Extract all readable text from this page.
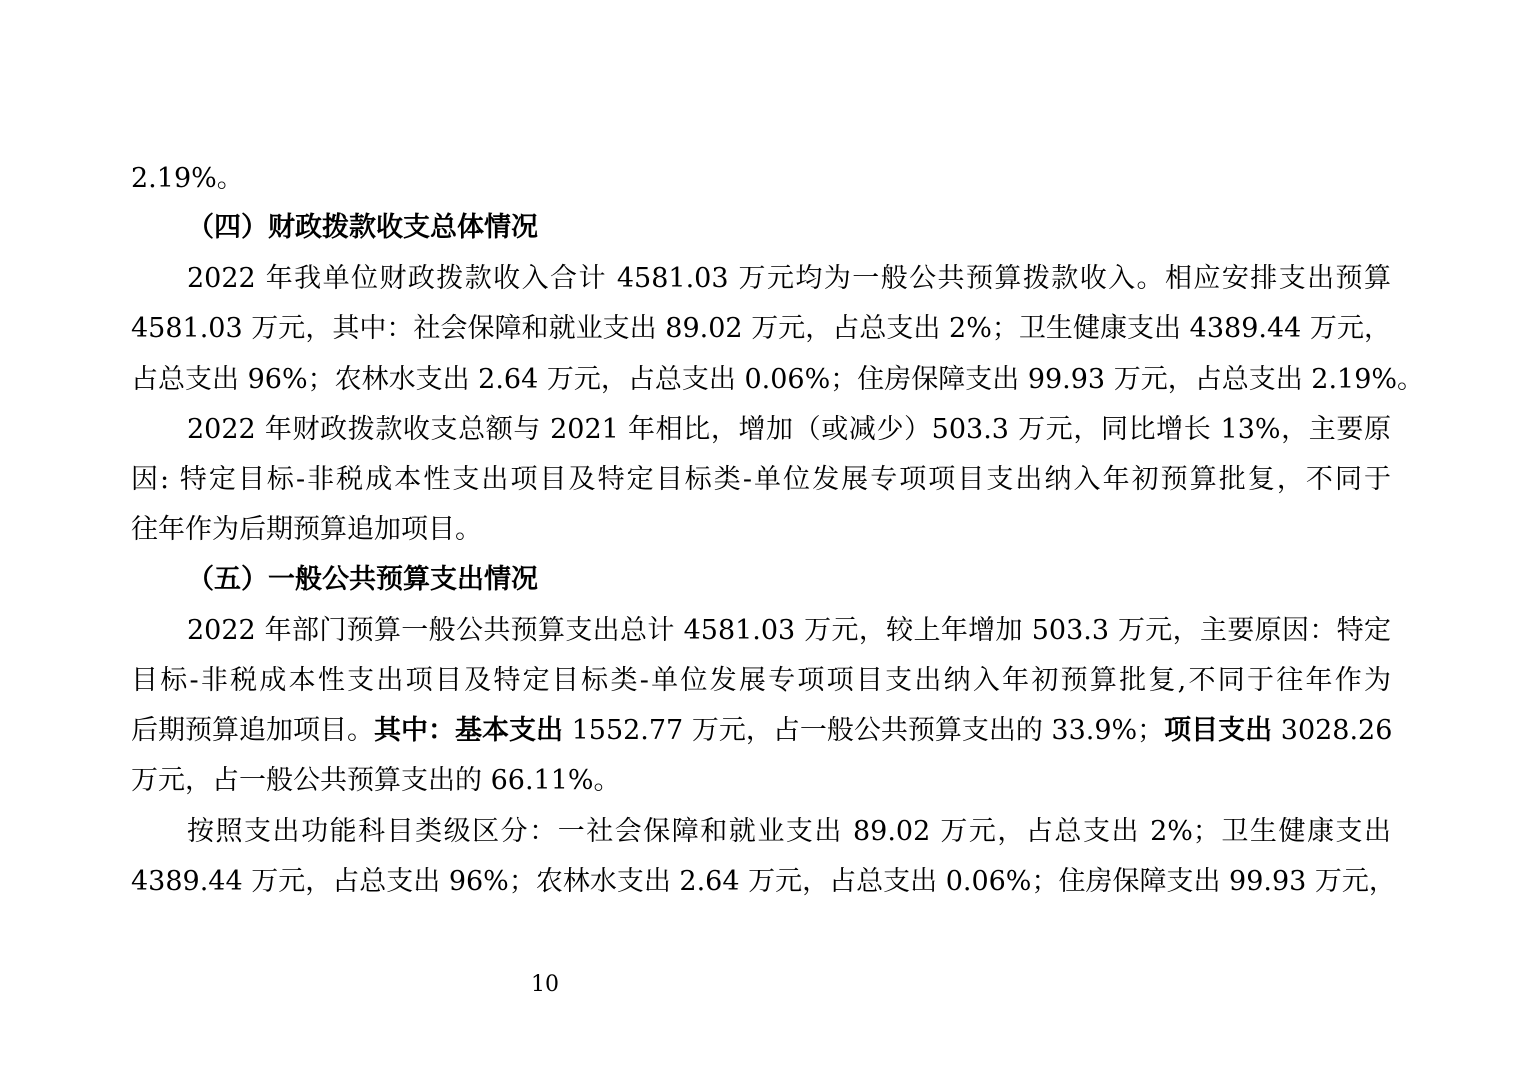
2.19%。
（四）财政拨款收支总体情况
2022 年我单位财政拨款收入合计 4581.03 万元均为一般公共预算拨款收入。相应安排支出预算
4581.03 万元，其中：社会保障和就业支出 89.02 万元，占总支出 2%；卫生健康支出 4389.44 万元，
占总支出 96%；农林水支出 2.64 万元，占总支出 0.06%；住房保障支出 99.93 万元，占总支出 2.19%。
2022 年财政拨款收支总额与 2021 年相比，增加（或减少）503.3 万元，同比增长 13%，主要原
因: 特定目标-非税成本性支出项目及特定目标类-单位发展专项项目支出纳入年初预算批复，不同于
往年作为后期预算追加项目。
（五）一般公共预算支出情况
2022 年部门预算一般公共预算支出总计 4581.03 万元，较上年增加 503.3 万元，主要原因：特定
目标-非税成本性支出项目及特定目标类-单位发展专项项目支出纳入年初预算批复,不同于往年作为
后期预算追加项目。其中：基本支出 1552.77 万元，占一般公共预算支出的 33.9%；项目支出 3028.26
万元，占一般公共预算支出的 66.11%。
按照支出功能科目类级区分：一社会保障和就业支出 89.02 万元，占总支出 2%；卫生健康支出
4389.44 万元，占总支出 96%；农林水支出 2.64 万元，占总支出 0.06%；住房保障支出 99.93 万元，
10
